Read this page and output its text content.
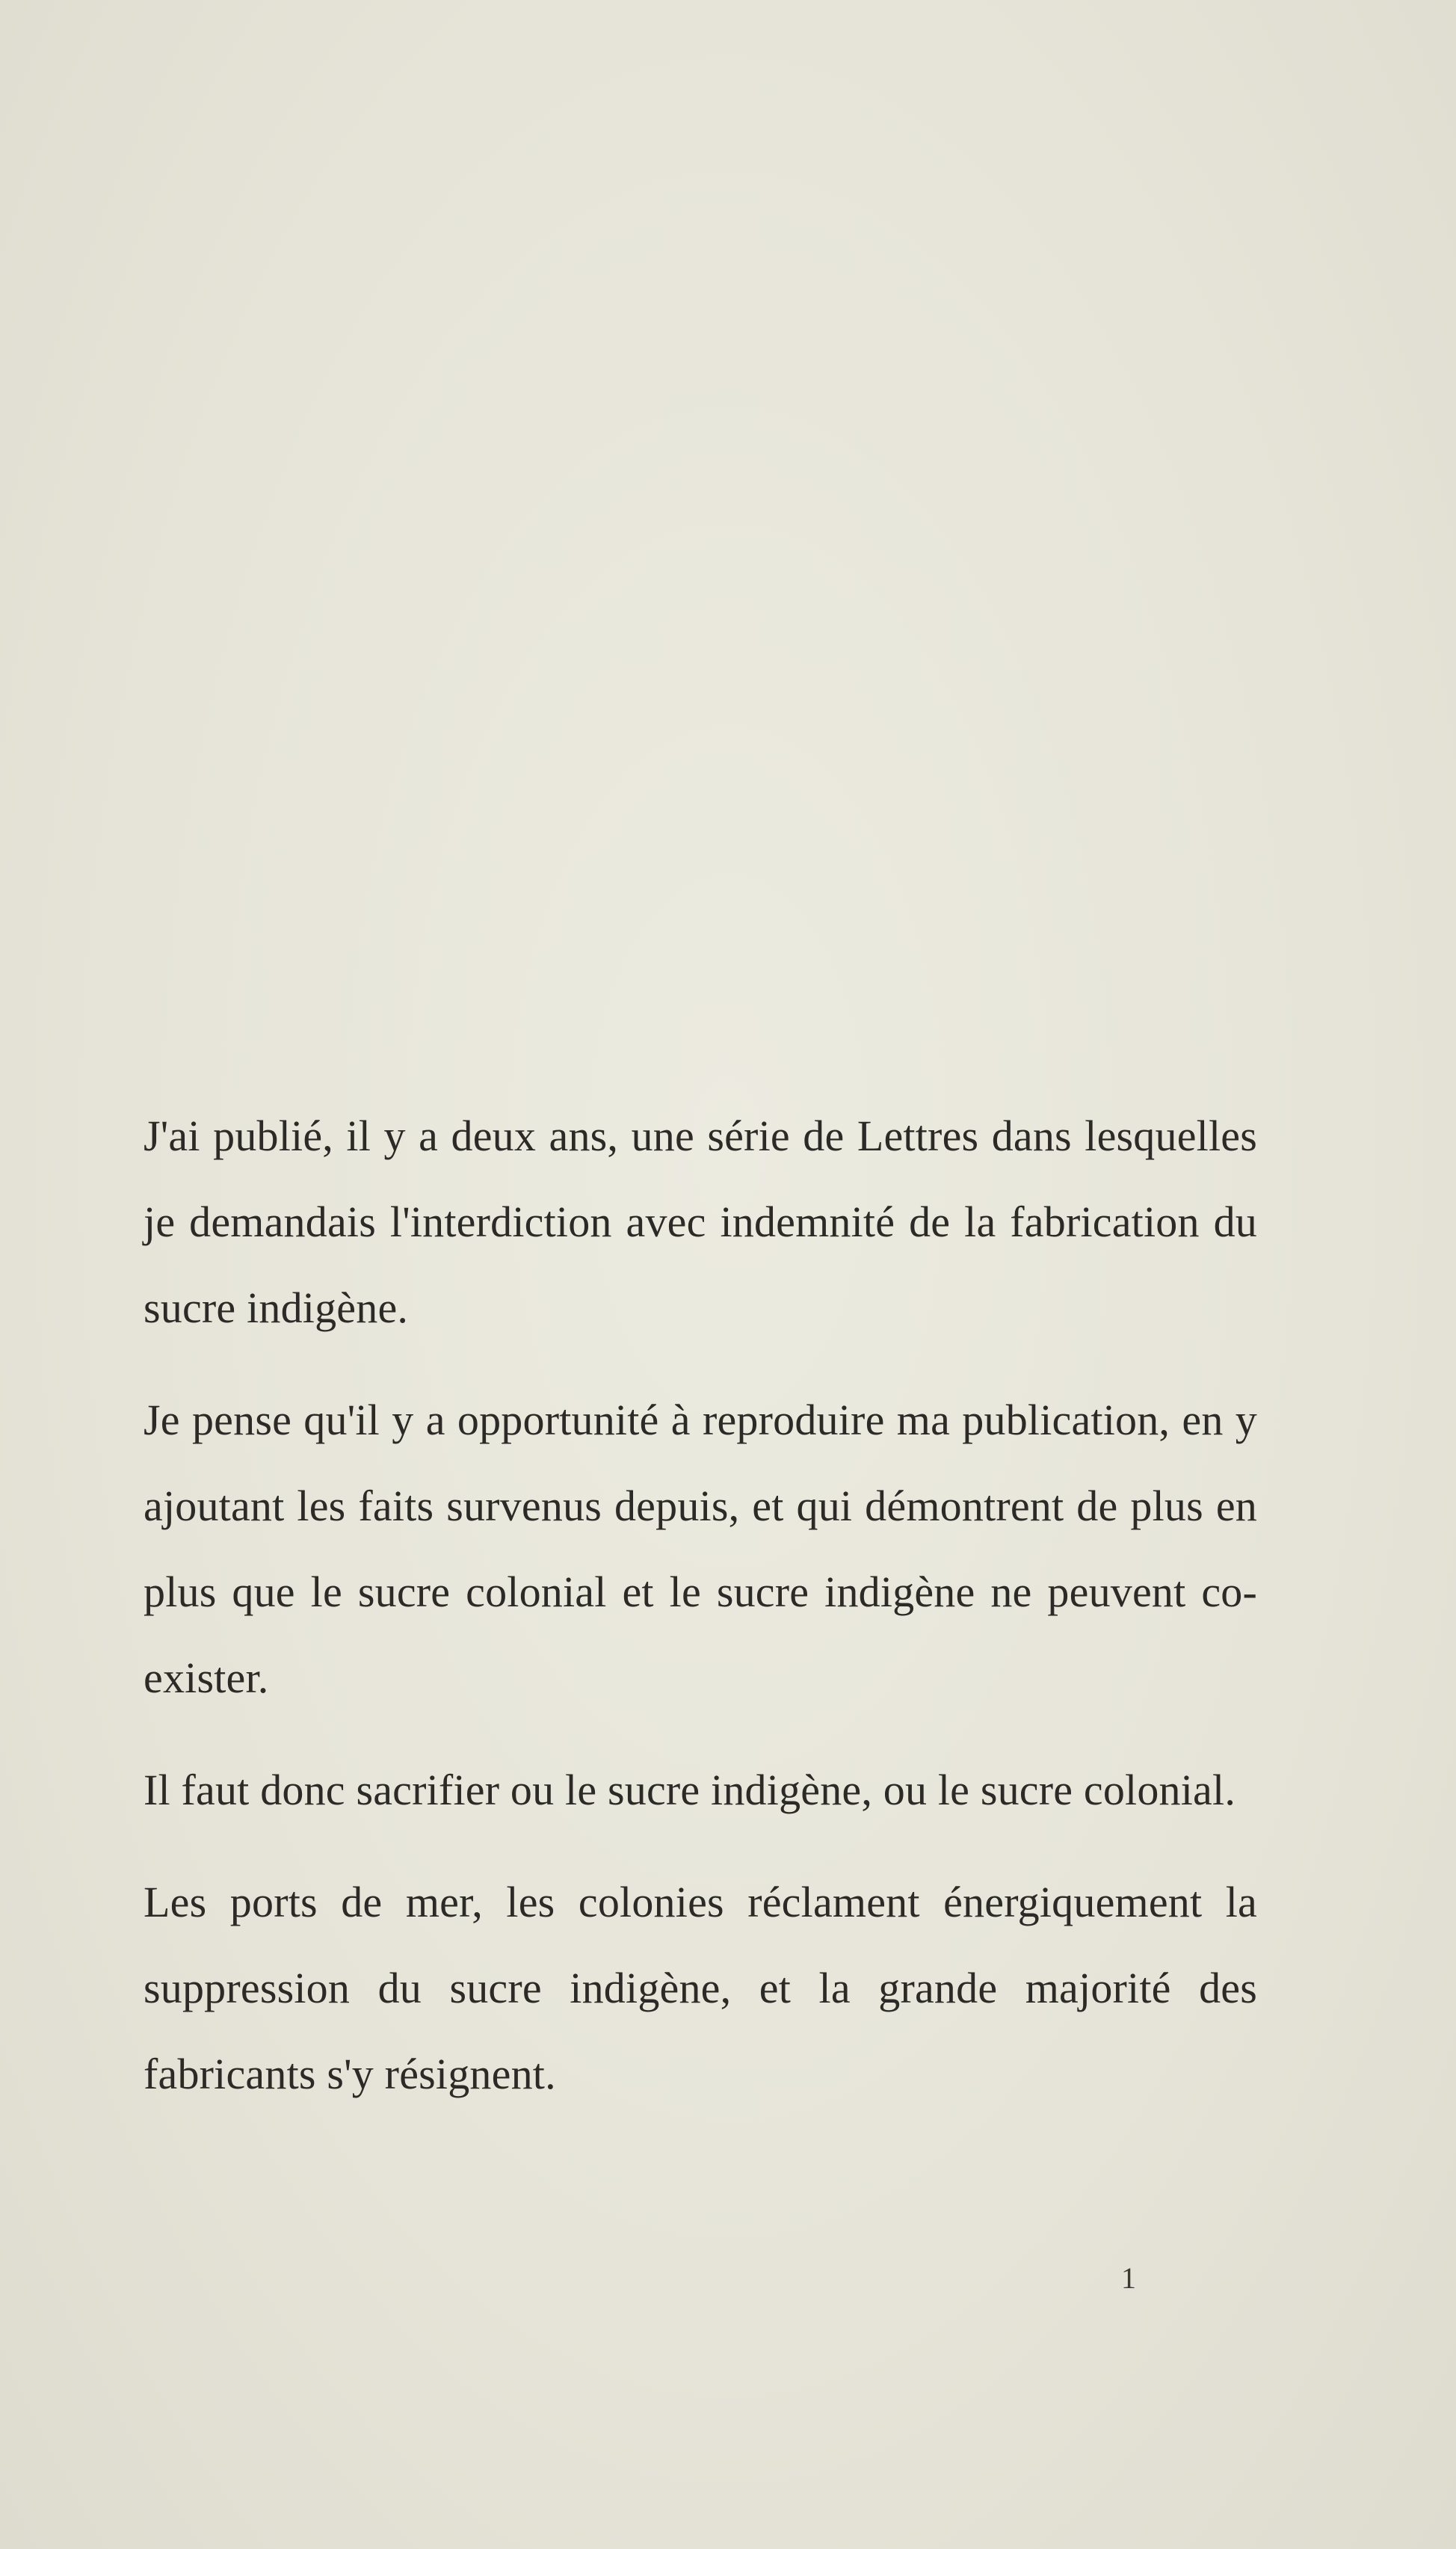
J'ai publié, il y a deux ans, une série de Lettres dans lesquelles je demandais l'interdiction avec indemnité de la fabrication du sucre indigène.

Je pense qu'il y a opportunité à reproduire ma publication, en y ajoutant les faits survenus depuis, et qui démontrent de plus en plus que le sucre colonial et le sucre indigène ne peuvent co-exister.

Il faut donc sacrifier ou le sucre indigène, ou le sucre colonial.

Les ports de mer, les colonies réclament énergiquement la suppression du sucre indigène, et la grande majorité des fabricants s'y résignent.

1
